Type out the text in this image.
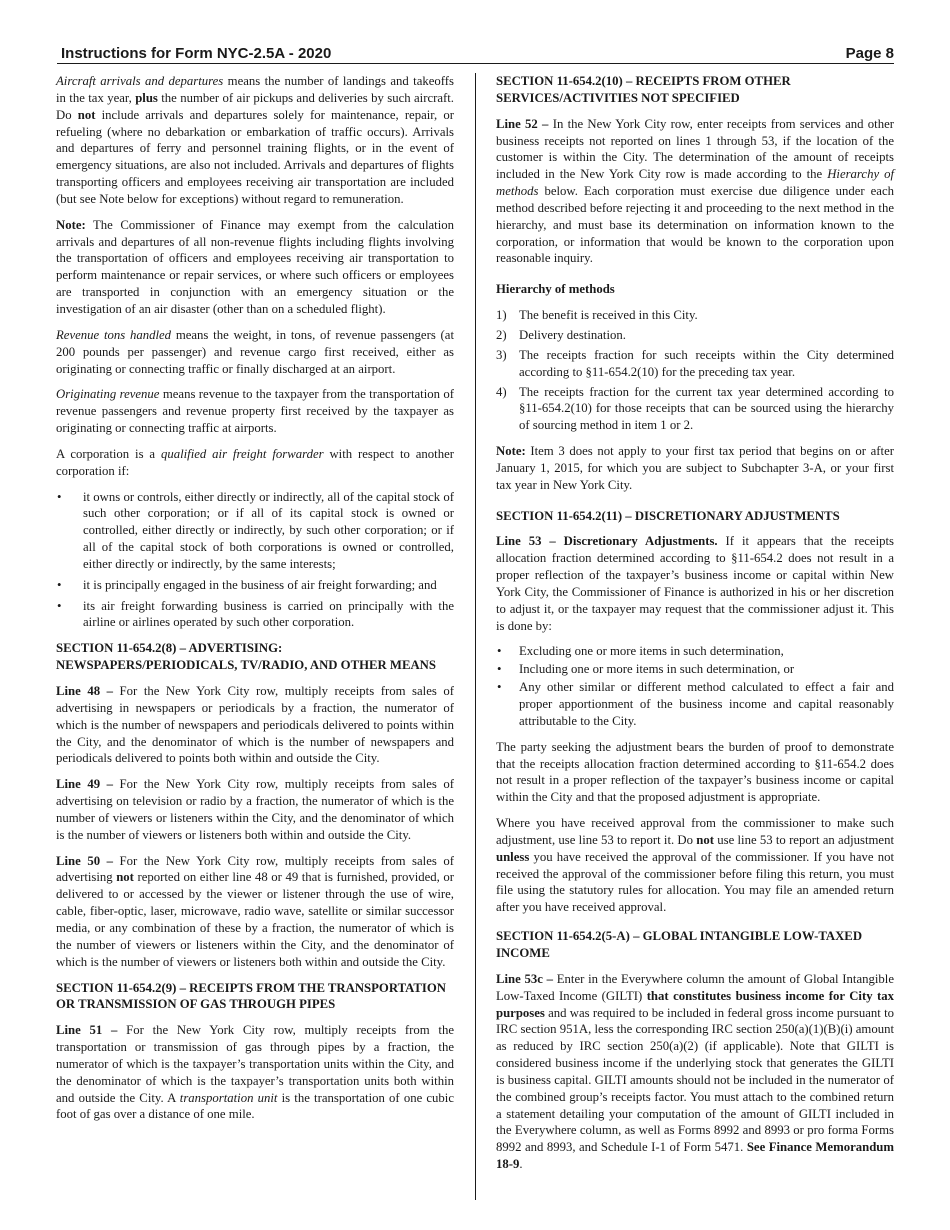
Instructions for Form NYC-2.5A - 2020	Page 8

Aircraft arrivals and departures means the number of landings and takeoffs in the tax year, plus the number of air pickups and deliveries by such aircraft. Do not include arrivals and departures solely for maintenance, repair, or refueling (where no debarkation or embarkation of traffic occurs). Arrivals and departures of ferry and personnel training flights, or in the event of emergency situations, are also not included. Arrivals and departures of flights transporting officers and employees receiving air transportation are included (but see Note below for exceptions) without regard to remuneration.

Note: The Commissioner of Finance may exempt from the calculation arrivals and departures of all non-revenue flights including flights involving the transportation of officers and employees receiving air transportation to perform maintenance or repair services, or where such officers or employees are transported in conjunction with an emergency situation or the investigation of an air disaster (other than on a scheduled flight).

Revenue tons handled means the weight, in tons, of revenue passengers (at 200 pounds per passenger) and revenue cargo first received, either as originating or connecting traffic or finally discharged at an airport.

Originating revenue means revenue to the taxpayer from the transportation of revenue passengers and revenue property first received by the taxpayer as originating or connecting traffic at airports.

A corporation is a qualified air freight forwarder with respect to another corporation if:

• it owns or controls, either directly or indirectly, all of the capital stock of such other corporation; or if all of its capital stock is owned or controlled, either directly or indirectly, by such other corporation; or if all of the capital stock of both corporations is owned or controlled, either directly or indirectly, by the same interests;
• it is principally engaged in the business of air freight forwarding; and
• its air freight forwarding business is carried on principally with the airline or airlines operated by such other corporation.
SECTION 11-654.2(8) – ADVERTISING: NEWSPAPERS/PERIODICALS, TV/RADIO, AND OTHER MEANS

Line 48 – For the New York City row, multiply receipts from sales of advertising in newspapers or periodicals by a fraction, the numerator of which is the number of newspapers and periodicals delivered to points within the City, and the denominator of which is the number of newspapers and periodicals delivered to points both within and outside the City.

Line 49 – For the New York City row, multiply receipts from sales of advertising on television or radio by a fraction, the numerator of which is the number of viewers or listeners within the City, and the denominator of which is the number of viewers or listeners both within and outside the City.

Line 50 – For the New York City row, multiply receipts from sales of advertising not reported on either line 48 or 49 that is furnished, provided, or delivered to or accessed by the viewer or listener through the use of wire, cable, fiber-optic, laser, microwave, radio wave, satellite or similar successor media, or any combination of these by a fraction, the numerator of which is the number of viewers or listeners within the City, and the denominator of which is the number of viewers or listeners both within and outside the City.

SECTION 11-654.2(9) – RECEIPTS FROM THE TRANSPORTATION OR TRANSMISSION OF GAS THROUGH PIPES

Line 51 – For the New York City row, multiply receipts from the transportation or transmission of gas through pipes by a fraction, the numerator of which is the taxpayer’s transportation units within the City, and the denominator of which is the taxpayer’s transportation units both within and outside the City. A transportation unit is the transportation of one cubic foot of gas over a distance of one mile.

SECTION 11-654.2(10) – RECEIPTS FROM OTHER SERVICES/ACTIVITIES NOT SPECIFIED

Line 52 – In the New York City row, enter receipts from services and other business receipts not reported on lines 1 through 53, if the location of the customer is within the City. The determination of the amount of receipts included in the New York City row is made according to the Hierarchy of methods below. Each corporation must exercise due diligence under each method described before rejecting it and proceeding to the next method in the hierarchy, and must base its determination on information known to the corporation, or information that would be known to the corporation upon reasonable inquiry.

Hierarchy of methods
1) The benefit is received in this City.
2) Delivery destination.
3) The receipts fraction for such receipts within the City determined according to §11-654.2(10) for the preceding tax year.
4) The receipts fraction for the current tax year determined according to §11-654.2(10) for those receipts that can be sourced using the hierarchy of sourcing method in item 1 or 2.

Note: Item 3 does not apply to your first tax period that begins on or after January 1, 2015, for which you are subject to Subchapter 3-A, or your first tax year in New York City.

SECTION 11-654.2(11) – DISCRETIONARY ADJUSTMENTS

Line 53 – Discretionary Adjustments. If it appears that the receipts allocation fraction determined according to §11-654.2 does not result in a proper reflection of the taxpayer’s business income or capital within New York City, the Commissioner of Finance is authorized in his or her discretion to adjust it, or the taxpayer may request that the commissioner adjust it. This is done by:

• Excluding one or more items in such determination,
• Including one or more items in such determination, or
• Any other similar or different method calculated to effect a fair and proper apportionment of the business income and capital reasonably attributable to the City.

The party seeking the adjustment bears the burden of proof to demonstrate that the receipts allocation fraction determined according to §11-654.2 does not result in a proper reflection of the taxpayer’s business income or capital within the City and that the proposed adjustment is appropriate.

Where you have received approval from the commissioner to make such adjustment, use line 53 to report it. Do not use line 53 to report an adjustment unless you have received the approval of the commissioner. If you have not received the approval of the commissioner before filing this return, you must file using the statutory rules for allocation. You may file an amended return after you have received approval.

SECTION 11-654.2(5-A) – GLOBAL INTANGIBLE LOW-TAXED INCOME

Line 53c – Enter in the Everywhere column the amount of Global Intangible Low-Taxed Income (GILTI) that constitutes business income for City tax purposes and was required to be included in federal gross income pursuant to IRC section 951A, less the corresponding IRC section 250(a)(1)(B)(i) amount as reduced by IRC section 250(a)(2) (if applicable). Note that GILTI is considered business income if the underlying stock that generates the GILTI is business capital. GILTI amounts should not be included in the numerator of the combined group’s receipts factor. You must attach to the combined return a statement detailing your computation of the amount of GILTI included in the Everywhere column, as well as Forms 8992 and 8993 or pro forma Forms 8992 and 8993, and Schedule I-1 of Form 5471. See Finance Memorandum 18-9.
